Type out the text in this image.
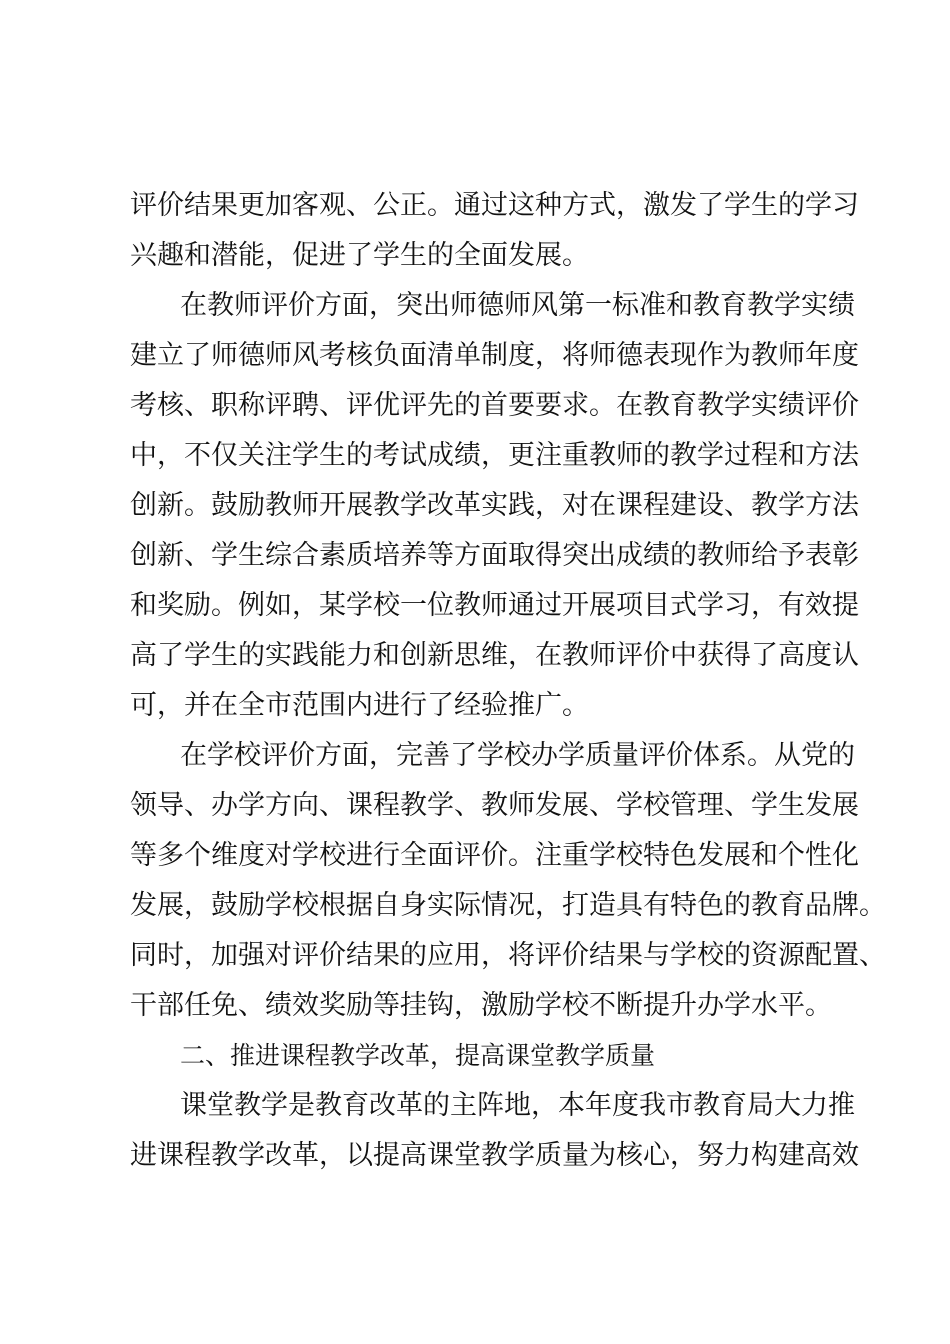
评价结果更加客观、公正。通过这种方式，激发了学生的学习
兴趣和潜能，促进了学生的全面发展。
在教师评价方面，突出师德师风第一标准和教育教学实绩
建立了师德师风考核负面清单制度，将师德表现作为教师年度
考核、职称评聘、评优评先的首要要求。在教育教学实绩评价
中，不仅关注学生的考试成绩，更注重教师的教学过程和方法
创新。鼓励教师开展教学改革实践，对在课程建设、教学方法
创新、学生综合素质培养等方面取得突出成绩的教师给予表彰
和奖励。例如，某学校一位教师通过开展项目式学习，有效提
高了学生的实践能力和创新思维，在教师评价中获得了高度认
可，并在全市范围内进行了经验推广。
在学校评价方面，完善了学校办学质量评价体系。从党的
领导、办学方向、课程教学、教师发展、学校管理、学生发展
等多个维度对学校进行全面评价。注重学校特色发展和个性化
发展，鼓励学校根据自身实际情况，打造具有特色的教育品牌。
同时，加强对评价结果的应用，将评价结果与学校的资源配置、
干部任免、绩效奖励等挂钩，激励学校不断提升办学水平。
二、推进课程教学改革，提高课堂教学质量
课堂教学是教育改革的主阵地，本年度我市教育局大力推
进课程教学改革，以提高课堂教学质量为核心，努力构建高效
